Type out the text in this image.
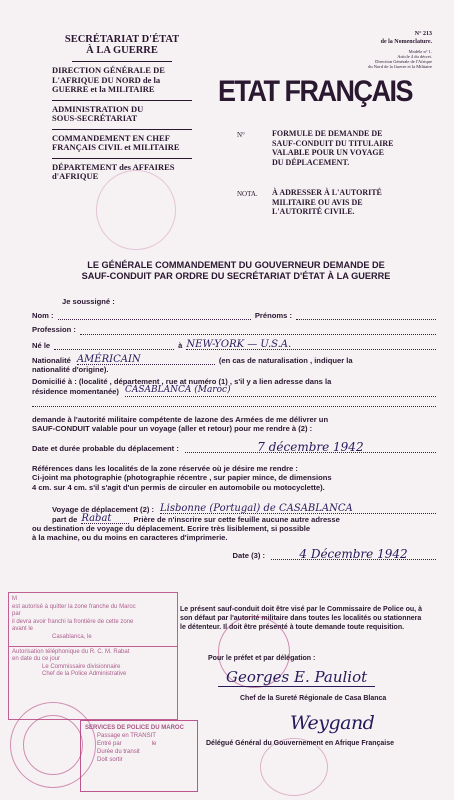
SECRÉTARIAT D'ÉTAT
À LA GUERRE
DIRECTION GÉNÉRALE DE
L'AFRIQUE DU NORD de la
GUERRE et la MILITAIRE
ADMINISTRATION DU
SOUS-SECRÉTARIAT
COMMANDEMENT EN CHEF
FRANÇAIS CIVIL et MILITAIRE
DÉPARTEMENT des AFFAIRES
d'AFRIQUE
N° 213
de la Nomenclature.
Modèle n° 1.
Article 4 du décret.
Direction Générale de l'Afrique
du Nord de la Guerre et la Militaire
ETAT FRANÇAIS
N°	FORMULE DE DEMANDE DE
SAUF-CONDUIT DU TITULAIRE
VALABLE POUR UN VOYAGE
DU DÉPLACEMENT.
NOTA. À ADRESSER À L'AUTORITÉ
MILITAIRE OU AVIS DE
L'AUTORITÉ CIVILE.
LE GÉNÉRALE COMMANDEMENT DU GOUVERNEUR DEMANDE DE
SAUF-CONDUIT PAR ORDRE DU SECRÉTARIAT D'ÉTAT À LA GUERRE
Je soussigné :
Nom :	Prénoms :
Profession :
Né le	à NEW-YORK — U.S.A.
Nationalité AMÉRICAIN	(en cas de naturalisation , indiquer la
nationalité d'origine).
Domicilié à : (localité , département , rue at numéro (1) , s'il y a lien adresse dans la
résidence momentanée) CASABLANCA (Maroc)
demande à l'autorité militaire compétente de lazone des Armées de me délivrer un
SAUF-CONDUIT valable pour un voyage (aller et retour) pour me rendre à (2) :
Date et durée probable du déplacement :	7 décembre 1942
Références dans les localités de la zone réservée où je désire me rendre :
Ci-joint ma photographie (photographie récentre , sur papier mince, de dimensions
4 cm. sur 4 cm. s'il s'agit d'un permis de circuler en automobile ou motocyclette).
Voyage de déplacement (2) : Lisbonne (Portugal) de CASABLANCA
part de Rabat	Prière de n'inscrire sur cette feuille aucune autre adresse
ou destination de voyage du déplacement. Ecrire très lisiblement, si possible
à la machine, ou du moins en caracteres d'imprimerie.
Date (3) :	4 Décembre 1942
M
est autorisé à quitter la zone franche du Maroc
par
il devra avoir franchi la frontière de cette zone
avant le
Casablanca, le
Autorisation téléphonique du R. C. M. Rabat
en date du ce jour
Le Commissaire divisionnaire
Chef de la Police Administrative
Le présent sauf-conduit doit être visé par le Commissaire de Police ou, à
son défaut par l'autorité militaire dans toutes les localités ou stationnera
le détenteur. Il doit être présenté à toute demande toute requisition.
Pour le préfet et par délégation :
Georges E. Pauliot
Chef de la Sureté Régionale de Casa Blanca
Weygand
Délégué Général du Gouvernement en Afrique Française
SERVICES DE POLICE DU MAROC
Passage en TRANSIT
Entré par	le
Durée du transit
Doit sortir
